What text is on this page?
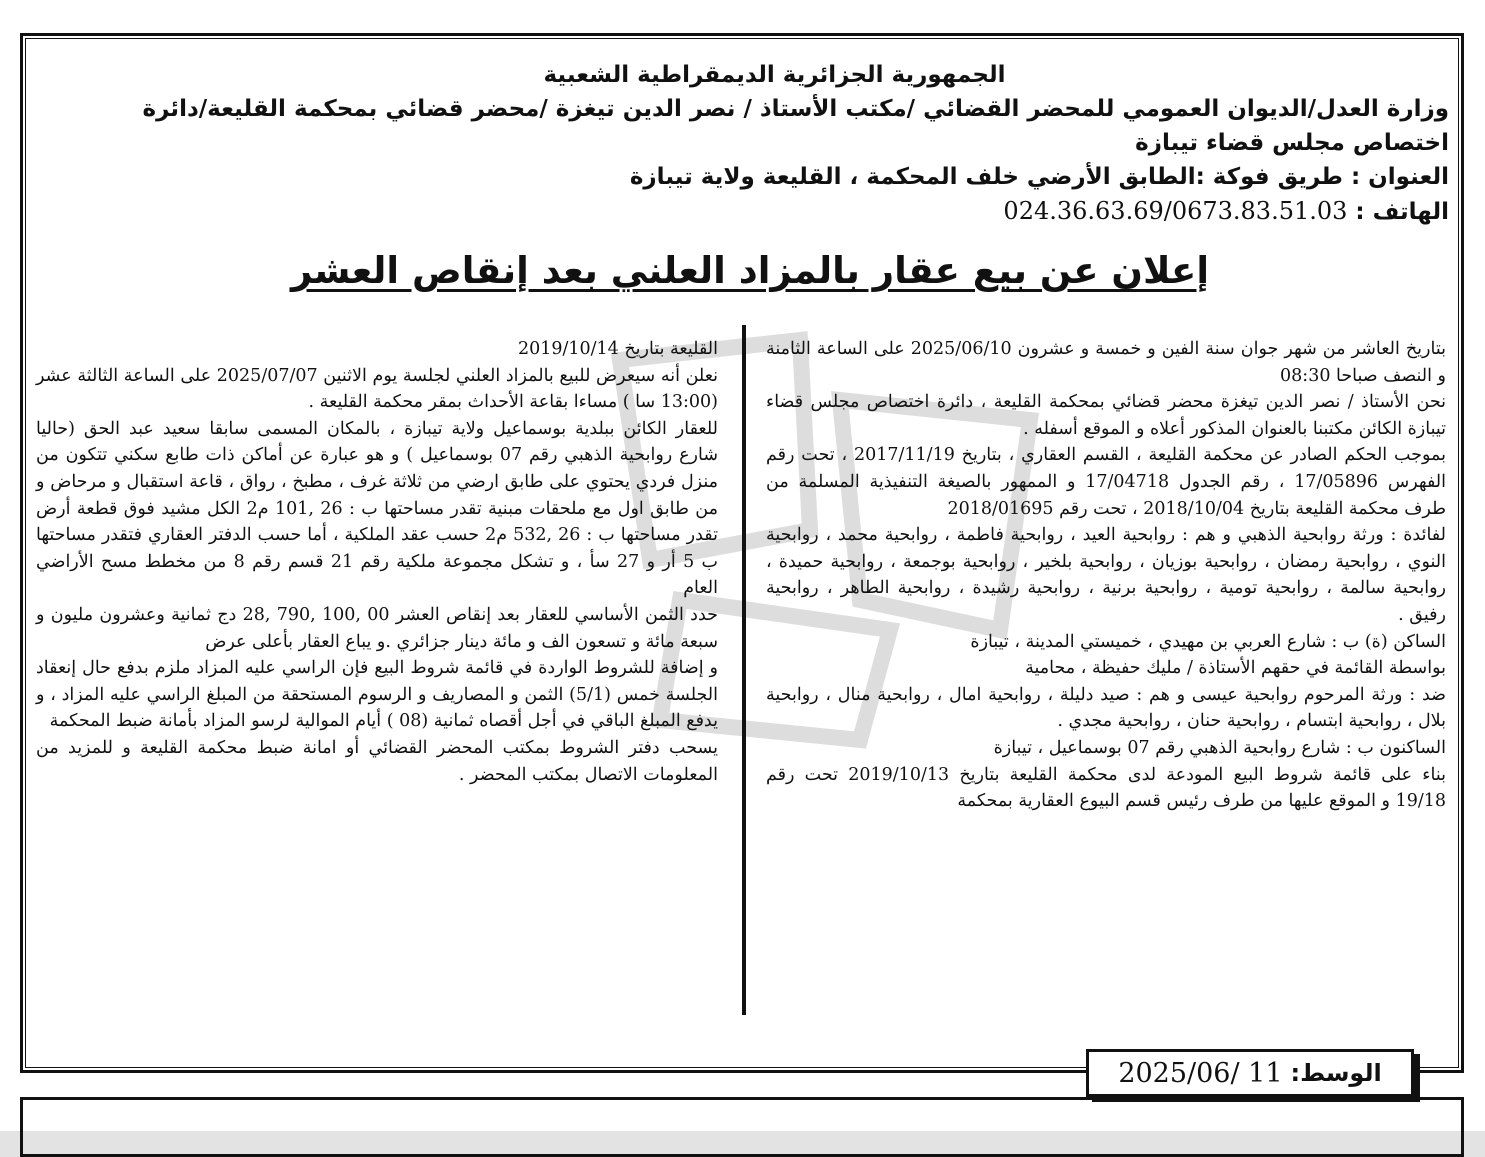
الجمهورية الجزائرية الديمقراطية الشعبية

وزارة العدل/الديوان العمومي للمحضر القضائي /مكتب الأستاذ / نصر الدين تيغزة /محضر قضائي بمحكمة القليعة/دائرة

اختصاص مجلس قضاء تيبازة

العنوان : طريق فوكة :الطابق الأرضي خلف المحكمة ، القليعة ولاية تيبازة

الهاتف : 024.36.63.69/0673.83.51.03

إعلان عن بيع عقار بالمزاد العلني بعد إنقاص العشر

بتاريخ العاشر من شهر جوان سنة الفين و خمسة و عشرون 2025/06/10 على الساعة الثامنة و النصف صباحا 08:30

نحن الأستاذ / نصر الدين تيغزة محضر قضائي بمحكمة القليعة ، دائرة اختصاص مجلس قضاء تيبازة الكائن مكتبنا بالعنوان المذكور أعلاه و الموقع أسفله .

بموجب الحكم الصادر عن محكمة القليعة ، القسم العقاري ، بتاريخ 2017/11/19 ، تحت رقم الفهرس 17/05896 ، رقم الجدول 17/04718 و الممهور بالصيغة التنفيذية المسلمة من طرف محكمة القليعة بتاريخ 2018/10/04 ، تحت رقم 2018/01695

لفائدة : ورثة روابحية الذهبي و هم : روابحية العيد ، روابحية فاطمة ، روابحية محمد ، روابحية النوي ، روابحية رمضان ، روابحية بوزيان ، روابحية بلخير ، روابحية بوجمعة ، روابحية حميدة ، روابحية سالمة ، روابحية تومية ، روابحية برنية ، روابحية رشيدة ، روابحية الطاهر ، روابحية رفيق .

الساكن (ة) ب : شارع العربي بن مهيدي ، خميستي المدينة ، تيبازة

بواسطة القائمة في حقهم الأستاذة / مليك حفيظة ، محامية

ضد : ورثة المرحوم روابحية عيسى و هم : صيد دليلة ، روابحية امال ، روابحية منال ، روابحية بلال ، روابحية ابتسام ، روابحية حنان ، روابحية مجدي .

الساكنون ب : شارع روابحية الذهبي رقم 07 بوسماعيل ، تيبازة

بناء على قائمة شروط البيع المودعة لدى محكمة القليعة بتاريخ 2019/10/13 تحت رقم 19/18 و الموقع عليها من طرف رئيس قسم البيوع العقارية بمحكمة

القليعة بتاريخ 2019/10/14

نعلن أنه سيعرض للبيع بالمزاد العلني لجلسة يوم الاثنين 2025/07/07 على الساعة الثالثة عشر (13:00 سا ) مساءا بقاعة الأحداث بمقر محكمة القليعة .

للعقار الكائن ببلدية بوسماعيل ولاية تيبازة ، بالمكان المسمى سابقا سعيد عبد الحق (حاليا شارع روابحية الذهبي رقم 07 بوسماعيل ) و هو عبارة عن أماكن ذات طابع سكني تتكون من منزل فردي يحتوي على طابق ارضي من ثلاثة غرف ، مطبخ ، رواق ، قاعة استقبال و مرحاض و من طابق اول مع ملحقات مبنية تقدر مساحتها ب : 26 ,101 م2 الكل مشيد فوق قطعة أرض تقدر مساحتها ب : 26 ,532 م2 حسب عقد الملكية ، أما حسب الدفتر العقاري فتقدر مساحتها ب 5 أر و 27 سأ ، و تشكل مجموعة ملكية رقم 21 قسم رقم 8 من مخطط مسح الأراضي العام

حدد الثمن الأساسي للعقار بعد إنقاص العشر 00 ,100 ,790 ,28 دج ثمانية وعشرون مليون و سبعة مائة و تسعون الف و مائة دينار جزائري .و يباع العقار بأعلى عرض

و إضافة للشروط الواردة في قائمة شروط البيع فإن الراسي عليه المزاد ملزم بدفع حال إنعقاد الجلسة خمس (5/1) الثمن و المصاريف و الرسوم المستحقة من المبلغ الراسي عليه المزاد ، و يدفع المبلغ الباقي في أجل أقصاه ثمانية (08 ) أيام الموالية لرسو المزاد بأمانة ضبط المحكمة

يسحب دفتر الشروط بمكتب المحضر القضائي أو امانة ضبط محكمة القليعة و للمزيد من المعلومات الاتصال بمكتب المحضر .

الوسط:
2025/06/ 11
